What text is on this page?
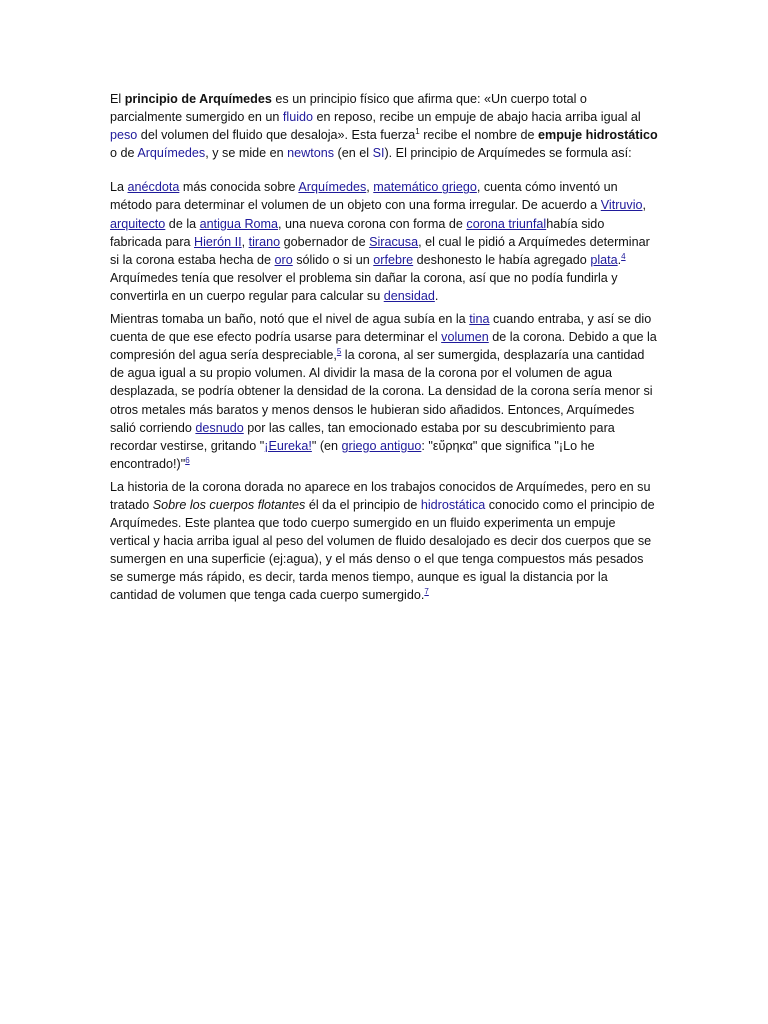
El principio de Arquímedes es un principio físico que afirma que: «Un cuerpo total o parcialmente sumergido en un fluido en reposo, recibe un empuje de abajo hacia arriba igual al peso del volumen del fluido que desaloja». Esta fuerza$^1$ recibe el nombre de empuje hidrostático o de Arquímedes, y se mide en newtons (en el SI). El principio de Arquímedes se formula así:

La anécdota más conocida sobre Arquímedes, matemático griego, cuenta cómo inventó un método para determinar el volumen de un objeto con una forma irregular. De acuerdo a Vitruvio, arquitecto de la antigua Roma, una nueva corona con forma de corona triunfalhabía sido fabricada para Hierón II, tirano gobernador de Siracusa, el cual le pidió a Arquímedes determinar si la corona estaba hecha de oro sólido o si un orfebre deshonesto le había agregado plata.$^4$ Arquímedes tenía que resolver el problema sin dañar la corona, así que no podía fundirla y convertirla en un cuerpo regular para calcular su densidad.

Mientras tomaba un baño, notó que el nivel de agua subía en la tina cuando entraba, y así se dio cuenta de que ese efecto podría usarse para determinar el volumen de la corona. Debido a que la compresión del agua sería despreciable,$^5$ la corona, al ser sumergida, desplazaría una cantidad de agua igual a su propio volumen. Al dividir la masa de la corona por el volumen de agua desplazada, se podría obtener la densidad de la corona. La densidad de la corona sería menor si otros metales más baratos y menos densos le hubieran sido añadidos. Entonces, Arquímedes salió corriendo desnudo por las calles, tan emocionado estaba por su descubrimiento para recordar vestirse, gritando "¡Eureka!" (en griego antiguo: "εὕρηκα" que significa "¡Lo he encontrado!)"$^6$

La historia de la corona dorada no aparece en los trabajos conocidos de Arquímedes, pero en su tratado Sobre los cuerpos flotantes él da el principio de hidrostática conocido como el principio de Arquímedes. Este plantea que todo cuerpo sumergido en un fluido experimenta un empuje vertical y hacia arriba igual al peso del volumen de fluido desalojado es decir dos cuerpos que se sumergen en una superficie (ej:agua), y el más denso o el que tenga compuestos más pesados se sumerge más rápido, es decir, tarda menos tiempo, aunque es igual la distancia por la cantidad de volumen que tenga cada cuerpo sumergido.$^7$
